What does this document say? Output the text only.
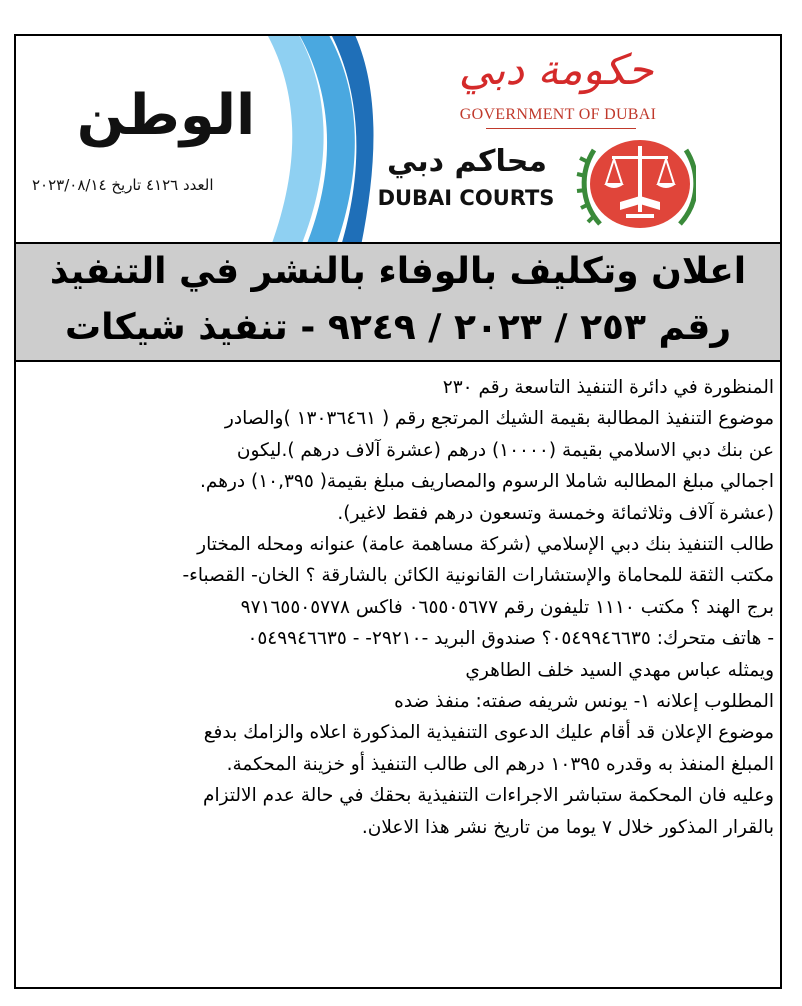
الوطن
العدد ٤١٢٦ تاريخ ٢٠٢٣/٠٨/١٤
حكومة دبي
GOVERNMENT OF DUBAI
محاكم دبي
DUBAI COURTS
اعلان وتكليف بالوفاء بالنشر في التنفيذ
رقم ٢٥٣ / ٢٠٢٣ / ٩٢٤٩ - تنفيذ شيكات

المنظورة في دائرة التنفيذ التاسعة رقم ٢٣٠

موضوع التنفيذ المطالبة بقيمة الشيك المرتجع رقم ( ١٣٠٣٦٤٦١ )والصادر

عن بنك دبي الاسلامي بقيمة (١٠٠٠٠) درهم (عشرة آلاف درهم ).ليكون

اجمالي مبلغ المطالبه شاملا الرسوم والمصاريف مبلغ بقيمة( ١٠,٣٩٥) درهم.

(عشرة آلاف وثلاثمائة وخمسة وتسعون درهم فقط لاغير).

طالب التنفيذ بنك دبي الإسلامي (شركة مساهمة عامة) عنوانه ومحله المختار

مكتب الثقة للمحاماة والإستشارات القانونية الكائن بالشارقة ؟ الخان- القصباء-

برج الهند ؟ مكتب ١١١٠ تليفون رقم ٠٦٥٥٠٥٦٧٧ فاكس ٩٧١٦٥٥٠٥٧٧٨

- هاتف متحرك: ٠٥٤٩٩٤٦٦٣٥؟ صندوق البريد -٢٩٢١٠- - ٠٥٤٩٩٤٦٦٣٥

ويمثله عباس مهدي السيد خلف الطاهري

المطلوب إعلانه ١- يونس شريفه صفته: منفذ ضده

موضوع الإعلان قد أقام عليك الدعوى التنفيذية المذكورة اعلاه والزامك بدفع

المبلغ المنفذ به وقدره ١٠٣٩٥ درهم الى طالب التنفيذ أو خزينة المحكمة.

وعليه فان المحكمة ستباشر الاجراءات التنفيذية بحقك في حالة عدم الالتزام

بالقرار المذكور خلال ٧ يوما من تاريخ نشر هذا الاعلان.
